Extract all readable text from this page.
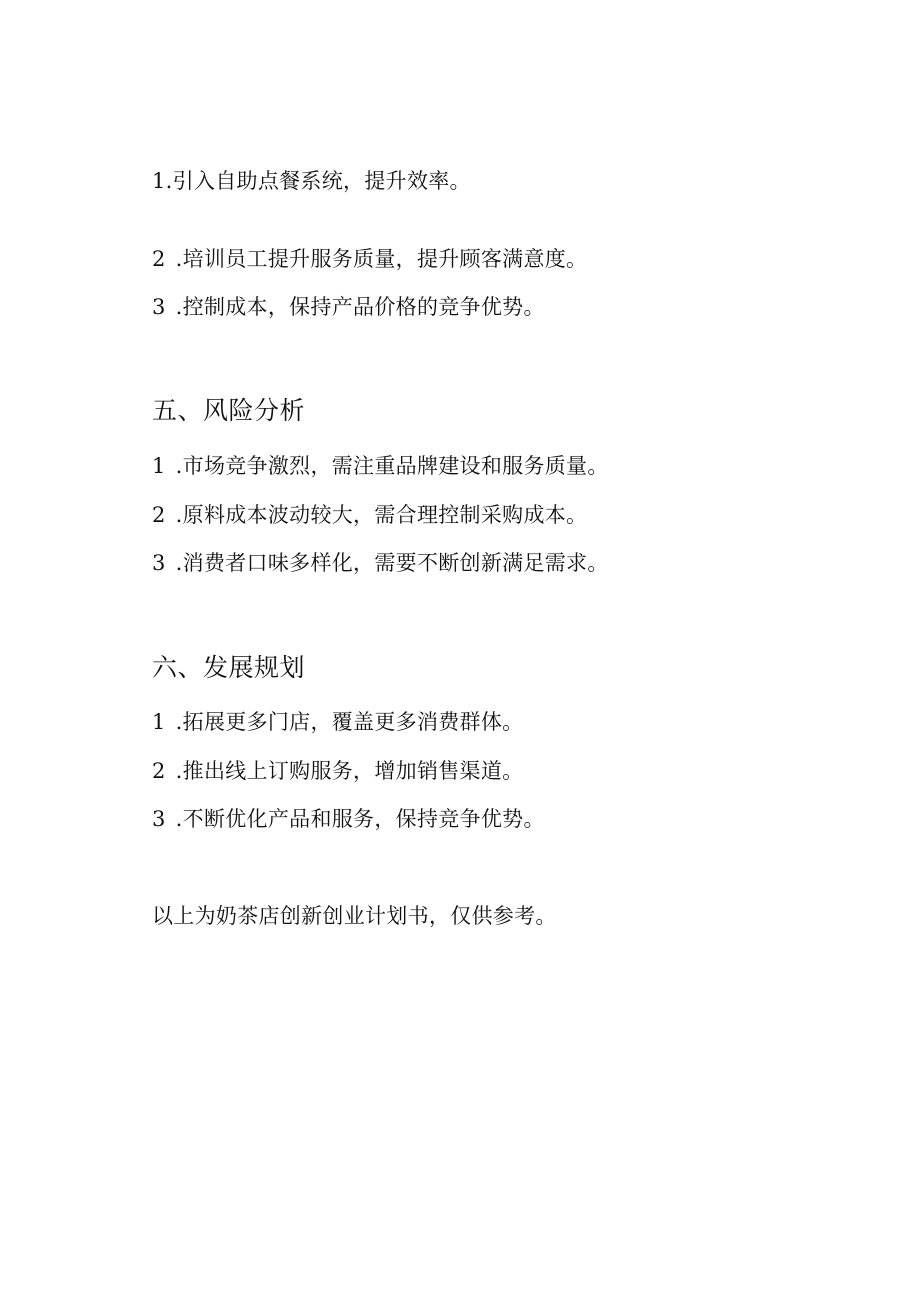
1.引入自助点餐系统，提升效率。
2.培训员工提升服务质量，提升顾客满意度。
3.控制成本，保持产品价格的竞争优势。
五、风险分析
1.市场竞争激烈，需注重品牌建设和服务质量。
2.原料成本波动较大，需合理控制采购成本。
3.消费者口味多样化，需要不断创新满足需求。
六、发展规划
1.拓展更多门店，覆盖更多消费群体。
2.推出线上订购服务，增加销售渠道。
3.不断优化产品和服务，保持竞争优势。
以上为奶茶店创新创业计划书，仅供参考。
